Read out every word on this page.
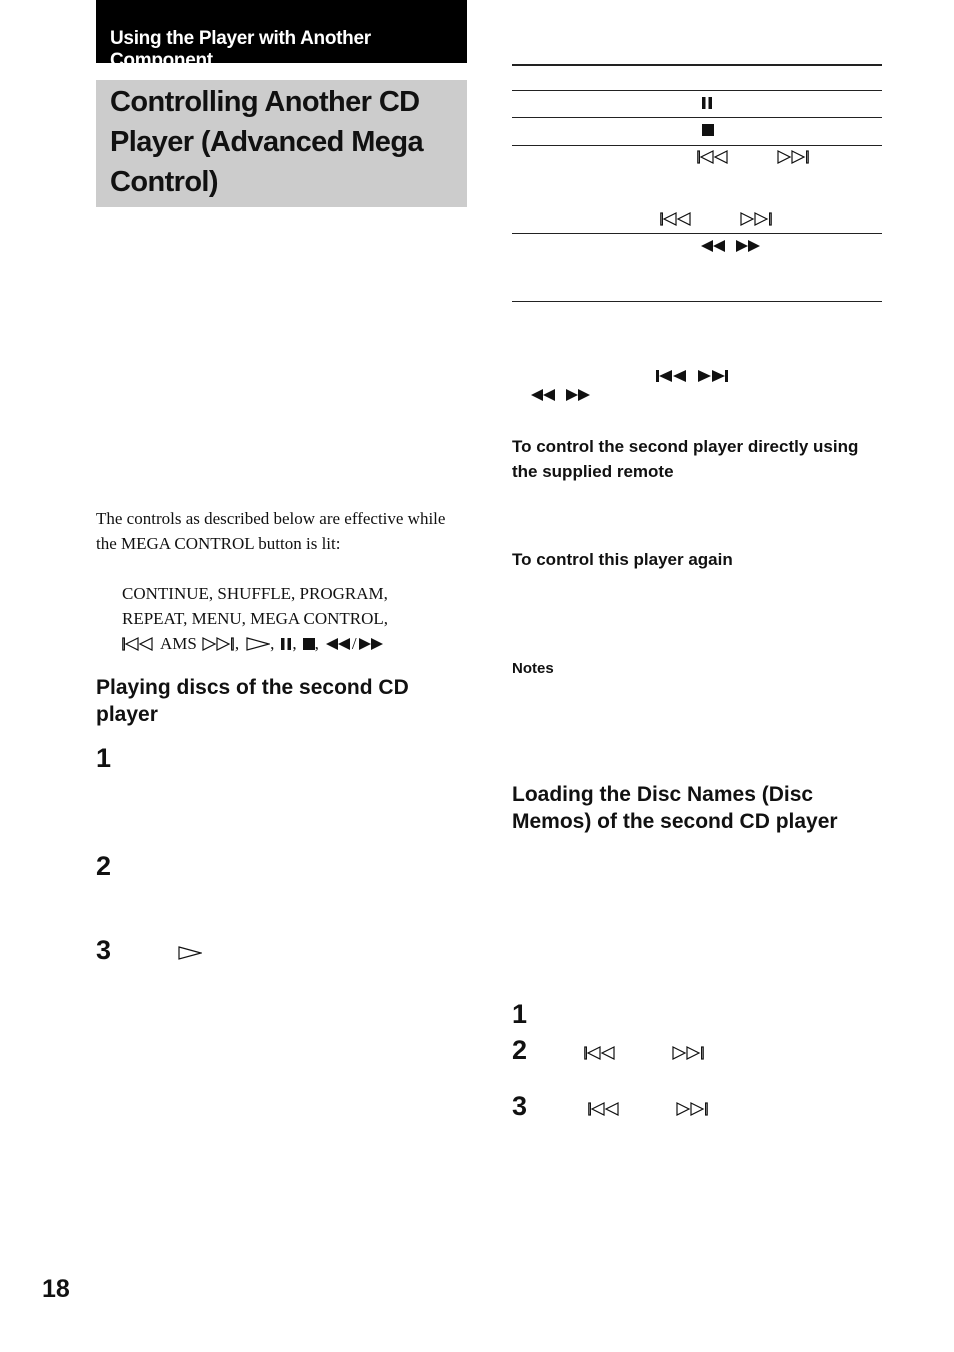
Using the Player with Another Component
Controlling Another CD Player (Advanced Mega Control)
The controls as described below are effective while the MEGA CONTROL button is lit:
CONTINUE, SHUFFLE, PROGRAM,
REPEAT, MENU, MEGA CONTROL,
AMS , , , , /
Playing discs of the second CD player
1
2
3
18
To control the second player directly using the supplied remote
To control this player again
Notes
Loading the Disc Names (Disc Memos) of the second CD player
1
2
3
